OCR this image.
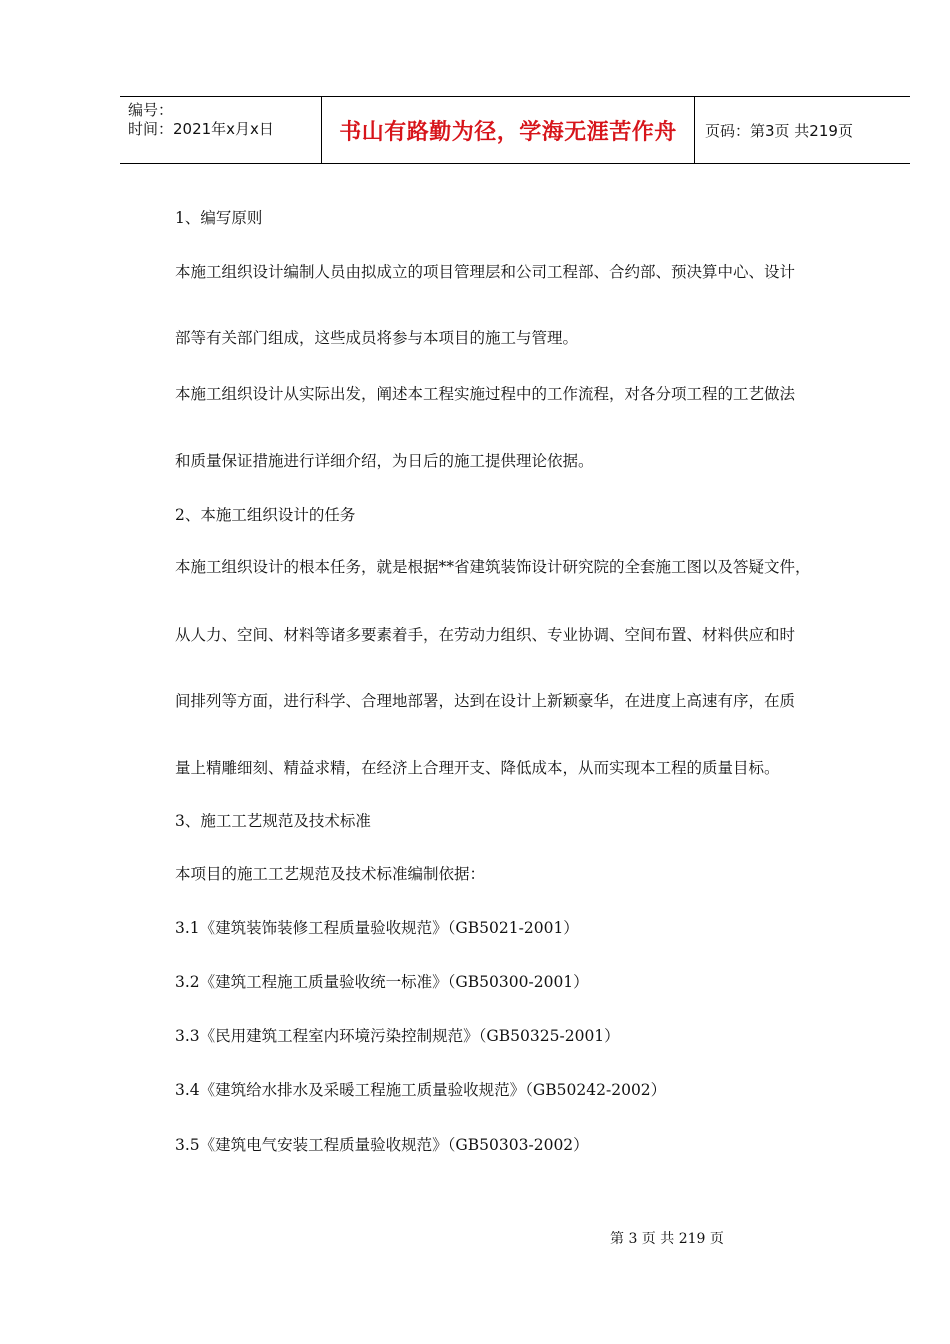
编号：
时间：2021年x月x日	书山有路勤为径，学海无涯苦作舟 页码：第3页 共219页
1、编写原则
本施工组织设计编制人员由拟成立的项目管理层和公司工程部、合约部、预决算中心、设计
部等有关部门组成，这些成员将参与本项目的施工与管理。
本施工组织设计从实际出发，阐述本工程实施过程中的工作流程，对各分项工程的工艺做法
和质量保证措施进行详细介绍，为日后的施工提供理论依据。
2、本施工组织设计的任务
本施工组织设计的根本任务，就是根据**省建筑装饰设计研究院的全套施工图以及答疑文件，
从人力、空间、材料等诸多要素着手，在劳动力组织、专业协调、空间布置、材料供应和时
间排列等方面，进行科学、合理地部署，达到在设计上新颖豪华，在进度上高速有序，在质
量上精雕细刻、精益求精，在经济上合理开支、降低成本，从而实现本工程的质量目标。
3、施工工艺规范及技术标准
本项目的施工工艺规范及技术标准编制依据：
3.1《建筑装饰装修工程质量验收规范》（GB5021-2001）
3.2《建筑工程施工质量验收统一标准》（GB50300-2001）
3.3《民用建筑工程室内环境污染控制规范》（GB50325-2001）
3.4《建筑给水排水及采暖工程施工质量验收规范》（GB50242-2002）
3.5《建筑电气安装工程质量验收规范》（GB50303-2002）
第 3 页 共 219 页
